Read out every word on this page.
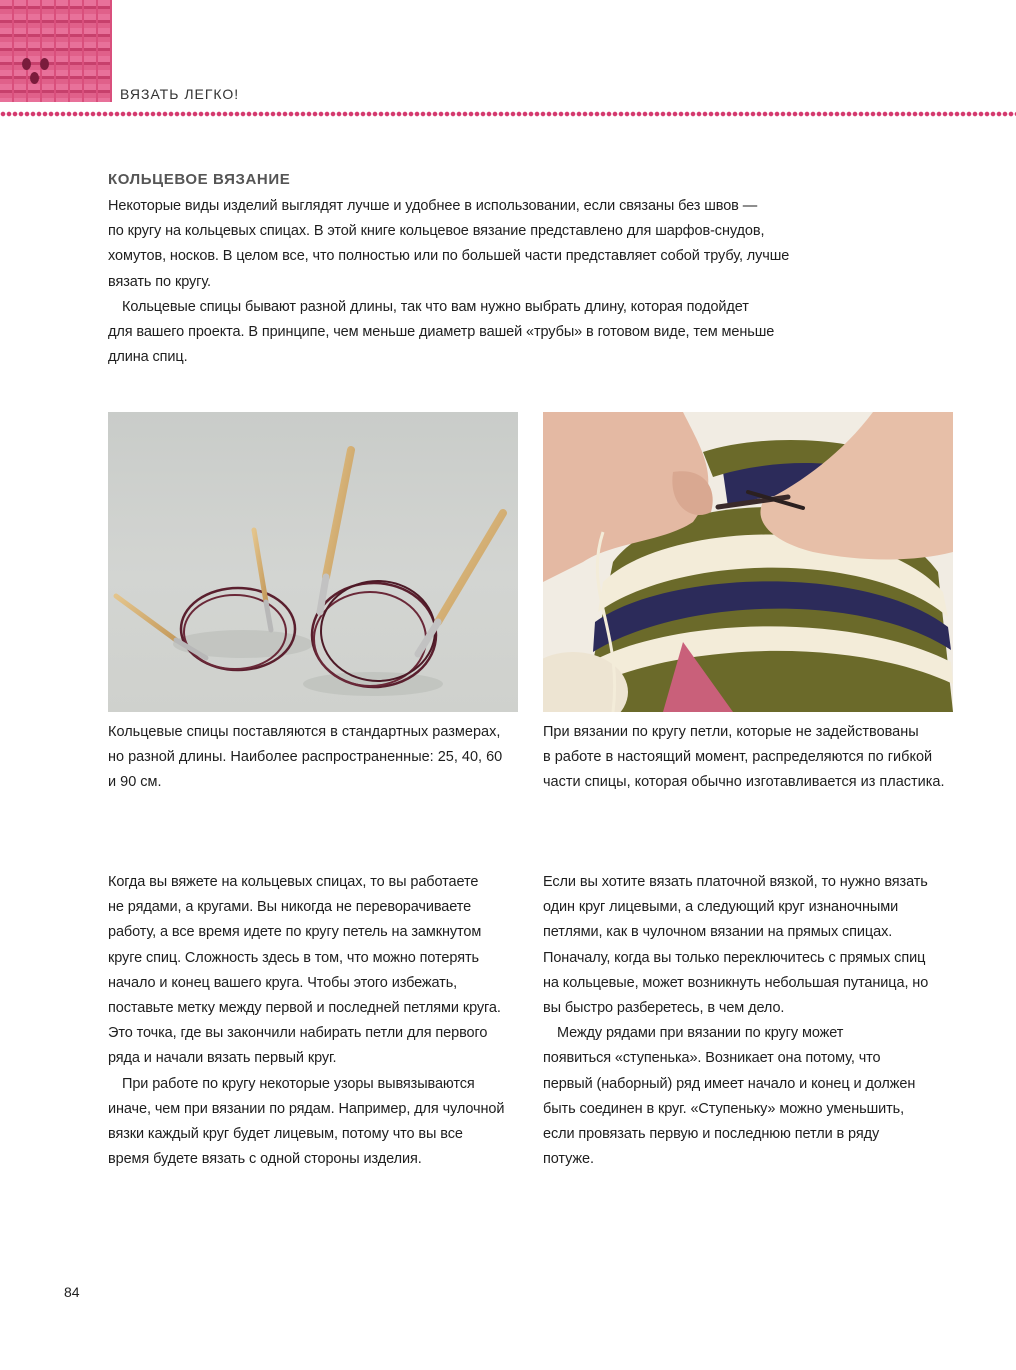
ВЯЗАТЬ ЛЕГКО!
КОЛЬЦЕВОЕ ВЯЗАНИЕ

Некоторые виды изделий выглядят лучше и удобнее в использовании, если связаны без швов —

по кругу на кольцевых спицах. В этой книге кольцевое вязание представлено для шарфов-снудов,

хомутов, носков. В целом все, что полностью или по большей части представляет собой трубу, лучше

вязать по кругу.

Кольцевые спицы бывают разной длины, так что вам нужно выбрать длину, которая подойдет

для вашего проекта. В принципе, чем меньше диаметр вашей «трубы» в готовом виде, тем меньше

длина спиц.

Кольцевые спицы поставляются в стандартных размерах,
но разной длины. Наиболее распространенные: 25, 40, 60
и 90 см.
При вязании по кругу петли, которые не задействованы
в работе в настоящий момент, распределяются по гибкой
части спицы, которая обычно изготавливается из пластика.

Когда вы вяжете на кольцевых спицах, то вы работаете

не рядами, а кругами. Вы никогда не переворачиваете

работу, а все время идете по кругу петель на замкнутом

круге спиц. Сложность здесь в том, что можно потерять

начало и конец вашего круга. Чтобы этого избежать,

поставьте метку между первой и последней петлями круга.

Это точка, где вы закончили набирать петли для первого

ряда и начали вязать первый круг.

При работе по кругу некоторые узоры вывязываются

иначе, чем при вязании по рядам. Например, для чулочной

вязки каждый круг будет лицевым, потому что вы все

время будете вязать с одной стороны изделия.

Если вы хотите вязать платочной вязкой, то нужно вязать

один круг лицевыми, а следующий круг изнаночными

петлями, как в чулочном вязании на прямых спицах.

Поначалу, когда вы только переключитесь с прямых спиц

на кольцевые, может возникнуть небольшая путаница, но

вы быстро разберетесь, в чем дело.

Между рядами при вязании по кругу может

появиться «ступенька». Возникает она потому, что

первый (наборный) ряд имеет начало и конец и должен

быть соединен в круг. «Ступеньку» можно уменьшить,

если провязать первую и последнюю петли в ряду

потуже.

84
